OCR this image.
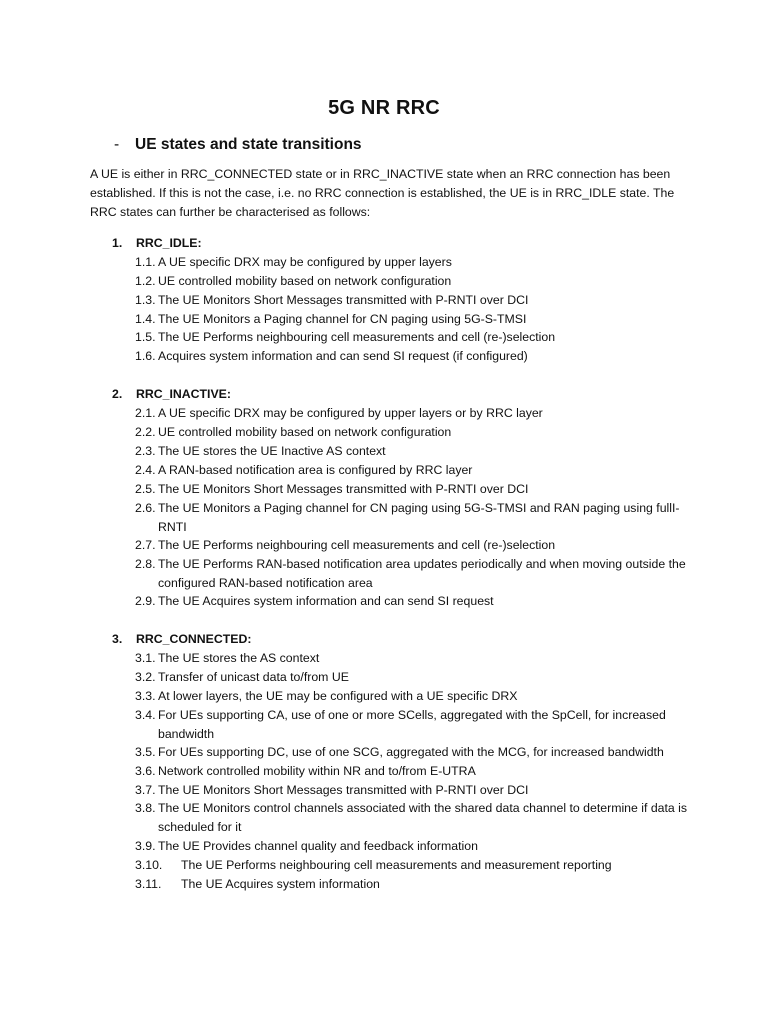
5G NR RRC
- UE states and state transitions

A UE is either in RRC_CONNECTED state or in RRC_INACTIVE state when an RRC connection has been established. If this is not the case, i.e. no RRC connection is established, the UE is in RRC_IDLE state. The RRC states can further be characterised as follows:

1. RRC_IDLE:
1.1. A UE specific DRX may be configured by upper layers
1.2. UE controlled mobility based on network configuration
1.3. The UE Monitors Short Messages transmitted with P-RNTI over DCI
1.4. The UE Monitors a Paging channel for CN paging using 5G-S-TMSI
1.5. The UE Performs neighbouring cell measurements and cell (re-)selection
1.6. Acquires system information and can send SI request (if configured)
2. RRC_INACTIVE:
2.1. A UE specific DRX may be configured by upper layers or by RRC layer
2.2. UE controlled mobility based on network configuration
2.3. The UE stores the UE Inactive AS context
2.4. A RAN-based notification area is configured by RRC layer
2.5. The UE Monitors Short Messages transmitted with P-RNTI over DCI
2.6. The UE Monitors a Paging channel for CN paging using 5G-S-TMSI and RAN paging using fullI-RNTI
2.7. The UE Performs neighbouring cell measurements and cell (re-)selection
2.8. The UE Performs RAN-based notification area updates periodically and when moving outside the configured RAN-based notification area
2.9. The UE Acquires system information and can send SI request
3. RRC_CONNECTED:
3.1. The UE stores the AS context
3.2. Transfer of unicast data to/from UE
3.3. At lower layers, the UE may be configured with a UE specific DRX
3.4. For UEs supporting CA, use of one or more SCells, aggregated with the SpCell, for increased bandwidth
3.5. For UEs supporting DC, use of one SCG, aggregated with the MCG, for increased bandwidth
3.6. Network controlled mobility within NR and to/from E-UTRA
3.7. The UE Monitors Short Messages transmitted with P-RNTI over DCI
3.8. The UE Monitors control channels associated with the shared data channel to determine if data is scheduled for it
3.9. The UE Provides channel quality and feedback information
3.10. The UE Performs neighbouring cell measurements and measurement reporting
3.11. The UE Acquires system information
